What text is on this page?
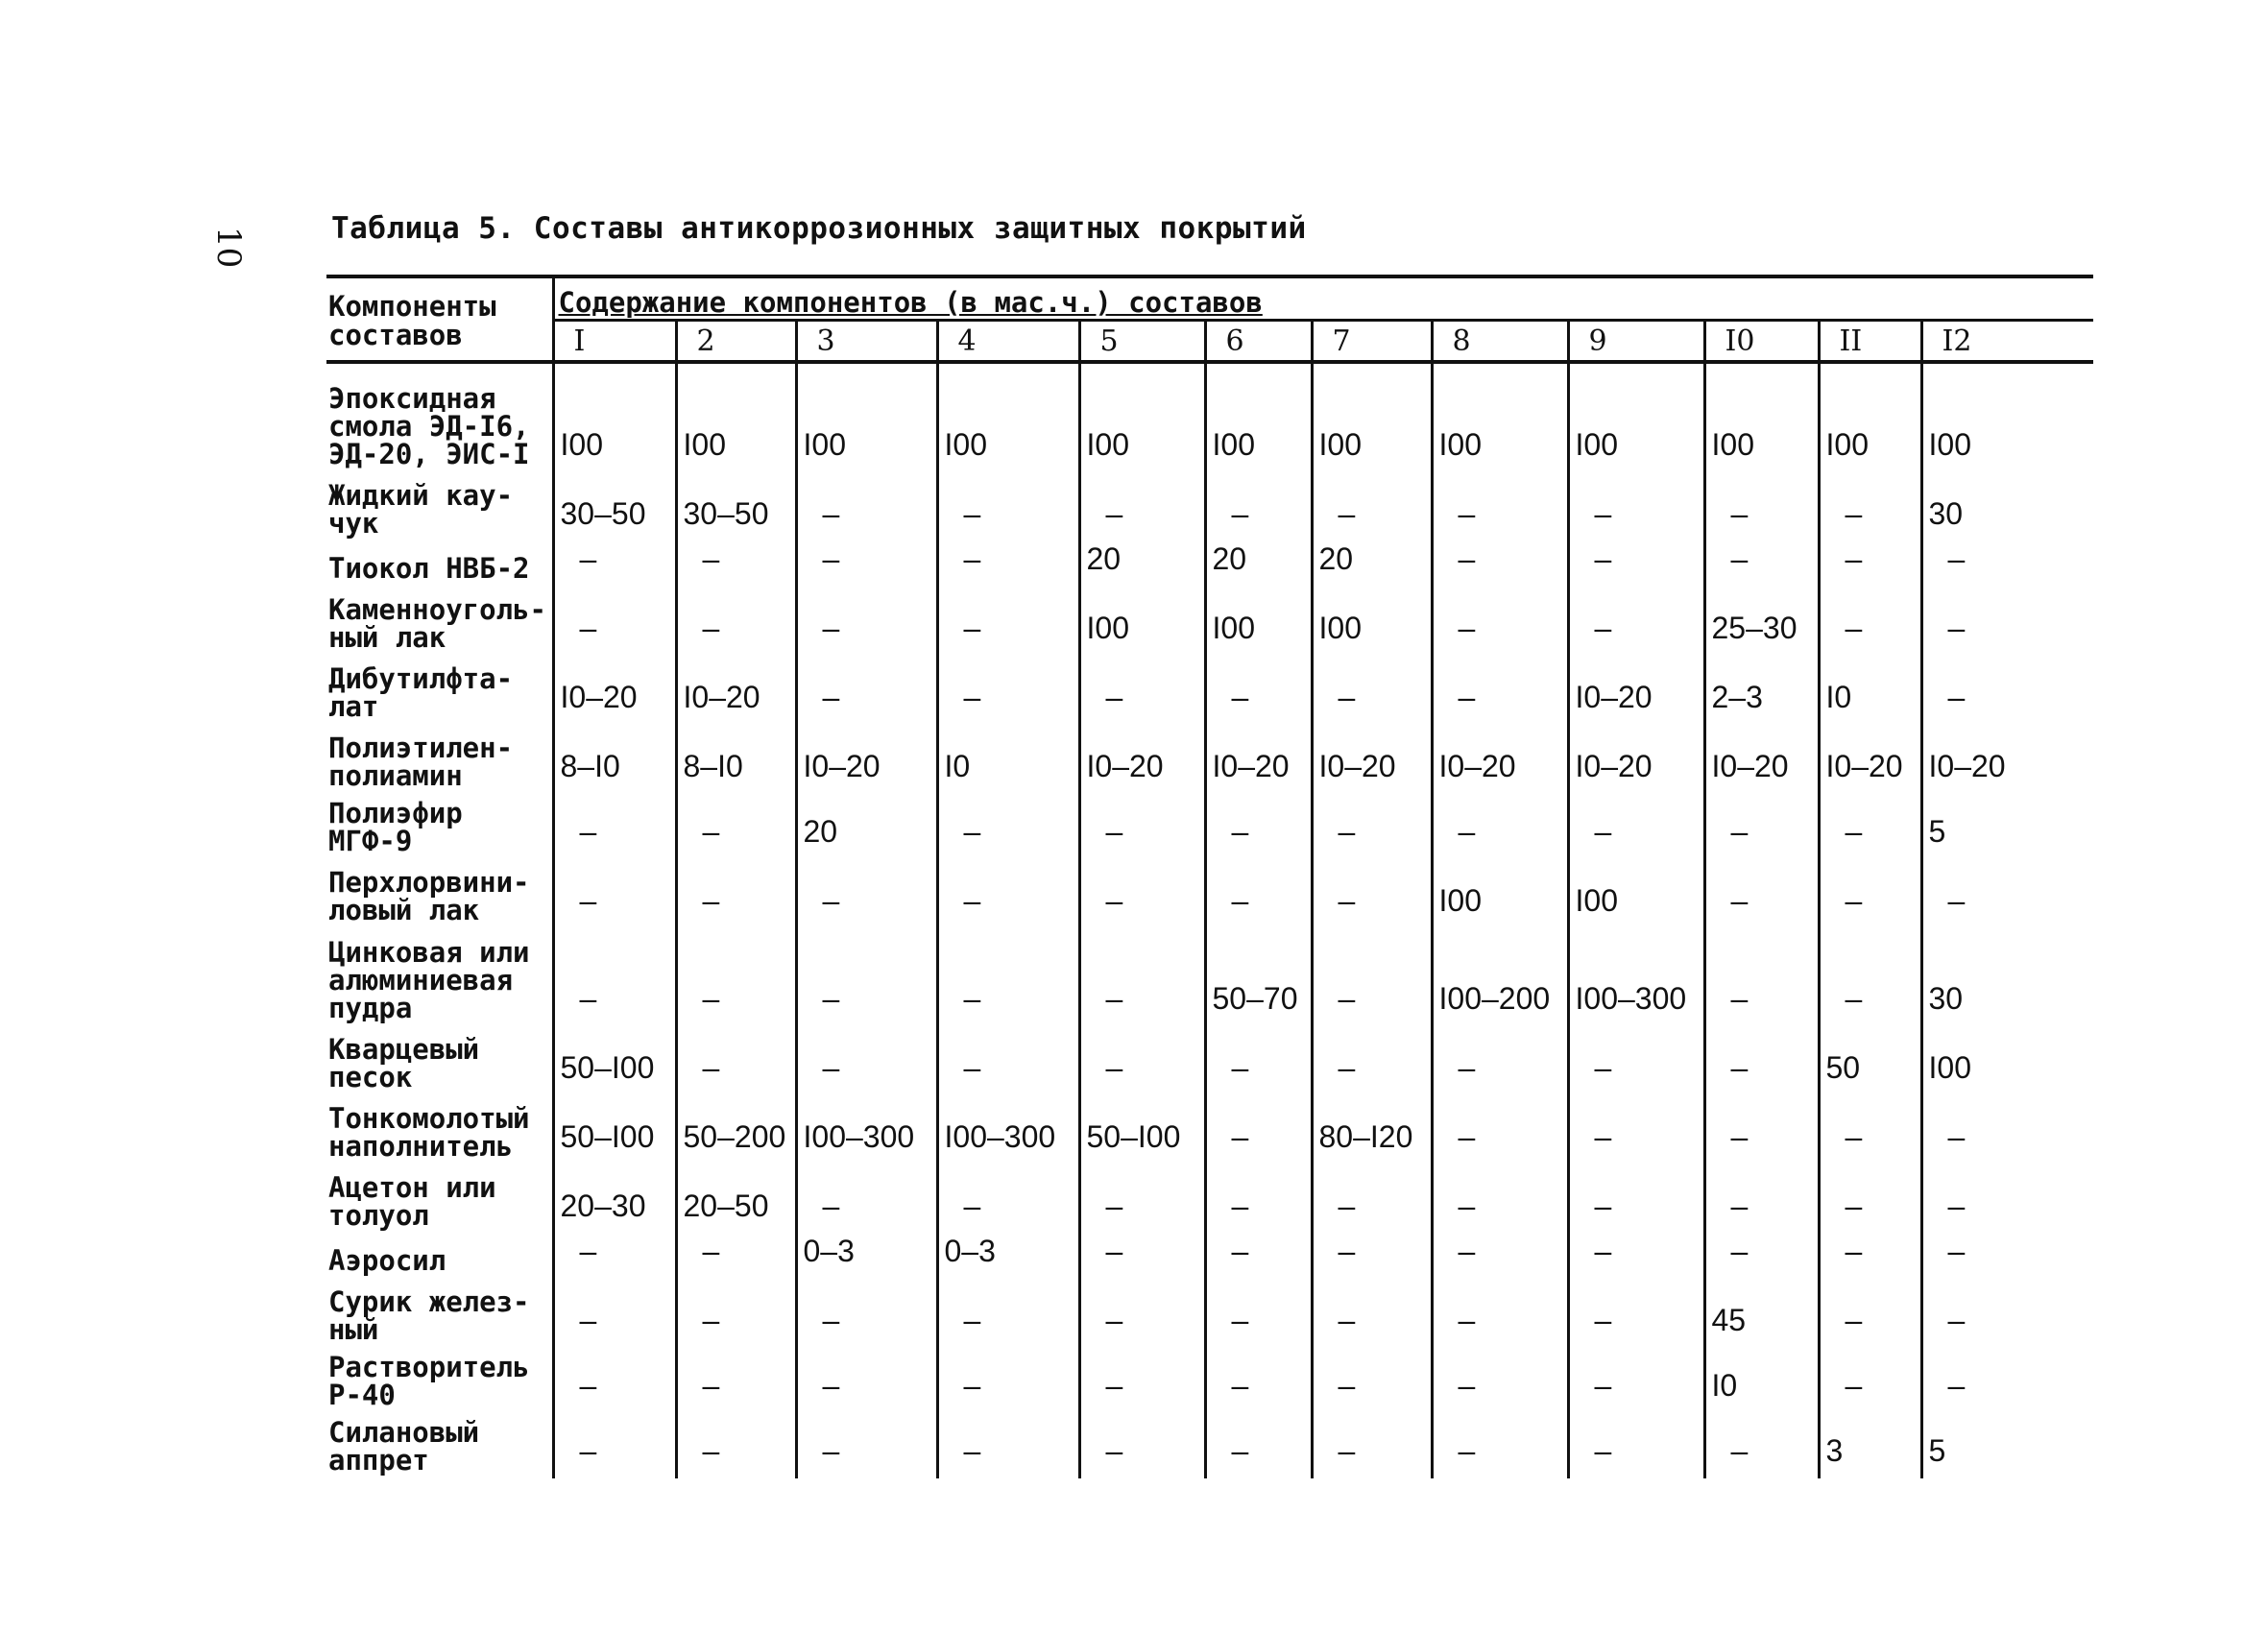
10	Таблица 5. Составы антикоррозионных защитных покрытий
Компоненты
составов	Содержание компонентов (в мас.ч.) составов											
	I	2	3	4	5	6	7	8	9	I0	II	I2
Эпоксидная
смола ЭД-I6,
ЭД-20, ЭИС-I	I00	I00	I00	I00	I00	I00	I00	I00	I00	I00	I00	I00
Жидкий кау-
чук	30–50	30–50	–	–	–	–	–	–	–	–	–	30
Тиокол НВБ-2	–	–	–	–	20	20	20	–	–	–	–	–
Каменноуголь-
ный лак	–	–	–	–	I00	I00	I00	–	–	25–30	–	–
Дибутилфта-
лат	I0–20	I0–20	–	–	–	–	–	–	I0–20	2–3	I0	–
Полиэтилен-
полиамин	8–I0	8–I0	I0–20	I0	I0–20	I0–20	I0–20	I0–20	I0–20	I0–20	I0–20	I0–20
Полиэфир МГФ-9	–	–	20	–	–	–	–	–	–	–	–	5
Перхлорвини-
ловый лак	–	–	–	–	–	–	–	I00	I00	–	–	–
Цинковая или
алюминиевая
пудра	–	–	–	–	–	50–70	–	I00–200	I00–300	–	–	30
Кварцевый
песок	50–I00	–	–	–	–	–	–	–	–	–	50	I00
Тонкомолотый
наполнитель	50–I00	50–200	I00–300	I00–300	50–I00	–	80–I20	–	–	–	–	–
Ацетон или
толуол	20–30	20–50	–	–	–	–	–	–	–	–	–	–
Аэросил	–	–	0–3	0–3	–	–	–	–	–	–	–	–
Сурик желез-
ный	–	–	–	–	–	–	–	–	–	45	–	–
Растворитель
Р-40	–	–	–	–	–	–	–	–	–	I0	–	–
Силановый
аппрет	–	–	–	–	–	–	–	–	–	–	3	5
